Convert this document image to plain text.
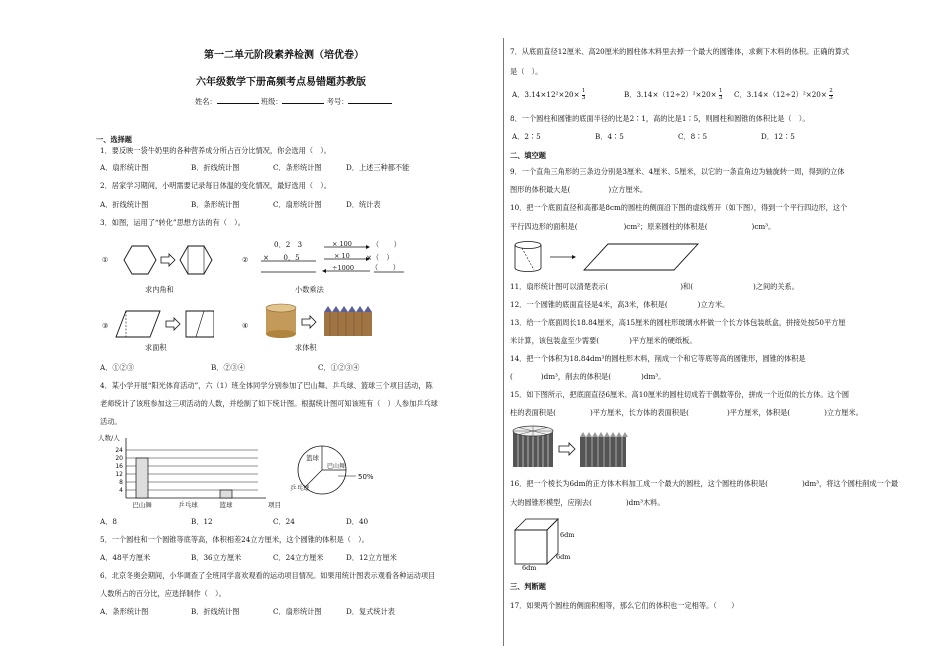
第一二单元阶段素养检测（培优卷）
六年级数学下册高频考点易错题苏教版
姓名：	班级：	考号：
一、选择题
1．要反映一袋牛奶里的各种营养成分所占百分比情况，你会选用（　）。
A．扇形统计图	B．折线统计图	C．条形统计图	D．上述三种都不能
2．居家学习期间，小明需要记录每日体温的变化情况，最好选用（　）。
A．折线统计图	B．条形统计图	C．扇形统计图	D．统计表
3．如图，运用了“转化”思想方法的有（　）。
①
求内角和
②
0．2　3
×　　0．5
× 100
× 10
÷1000
（　　）
×（　）
（　　）
小数乘法
③
求面积
④
求体积
A．①②③	B．②③④	C．①②③④
4．某小学开展“阳光体育活动”，六（1）班全体同学分别参加了巴山舞、乒乓球、篮球三个项目活动，陈
老师统计了该班参加这三项活动的人数，并绘制了如下统计图。根据统计图可知该班有（　）人参加乒乓球
活动。
4
8
12
16
20
24
人数/人
项目
巴山舞	乒乓球	篮球
篮球
巴山舞
乒乓球
50%
A．8	B．12	C．24	D．40
5．一个圆柱和一个圆锥等底等高，体积相差24立方厘米，这个圆锥的体积是（　）。
A．48平方厘米	B．36立方厘米	C．24立方厘米	D．12立方厘米
6．北京冬奥会期间，小华调查了全班同学喜欢观看的运动项目情况。如果用统计图表示观看各种运动项目
人数所占的百分比，应选择制作（　）。
A．条形统计图	B．折线统计图	C．扇形统计图	D．复式统计表
7．从底面直径12厘米、高20厘米的圆柱体木料里去掉一个最大的圆锥体，求剩下木料的体积。正确的算式
是（　）。
A．$3.14\times 12^2\times 20\times \frac{1}{3}$	B．$3.14\times(12\div 2)^2\times 20\times \frac{1}{3}$ C．$3.14\times(12\div 2)^2\times 20\times \frac{2}{3}$
8．一个圆柱和圆锥的底面半径的比是2∶1，高的比是1∶5，则圆柱和圆锥的体积比是（　）。
A．2∶5	B．4∶5	C．8∶5	D．12∶5
二、填空题
9．一个直角三角形的三条边分别是3厘米、4厘米、5厘米，以它的一条直角边为轴旋转一周，得到的立体
图形的体积最大是(	)立方厘米。
10．把一个底面直径和高都是8cm的圆柱的侧面沿下图的虚线剪开（如下图），得到一个平行四边形，这个
平行四边形的面积是(	)cm²；原来圆柱的体积是(	)cm³。
11．扇形统计图可以清楚表示(	)和(	)之间的关系。
12．一个圆锥的底面直径是4米，高3米，体积是(	)立方米。
13．给一个底面周长18.84厘米，高15厘米的圆柱形玻璃水杯做一个长方体包装纸盒，拼接处按50平方厘
米计算，该包装盒至少需要(	)平方厘米的硬纸板。
14．把一个体积为18.84dm³的圆柱形木料，削成一个和它等底等高的圆锥形，圆锥的体积是
(	)dm³，削去的体积是(	)dm³。
15．如下图所示，把底面直径6厘米、高10厘米的圆柱切成若干偶数等份，拼成一个近似的长方体。这个圆
柱的表面积是(	)平方厘米，长方体的表面积是(	)平方厘米，体积是(	)立方厘米。
16．把一个棱长为6dm的正方体木料加工成一个最大的圆柱，这个圆柱的体积是(	)dm³，将这个圆柱削成一个最
大的圆锥形模型，应削去(	)dm³木料。
6dm
6dm
6dm
三、判断题
17．如果两个圆柱的侧面积相等，那么它们的体积也一定相等。（　　）
